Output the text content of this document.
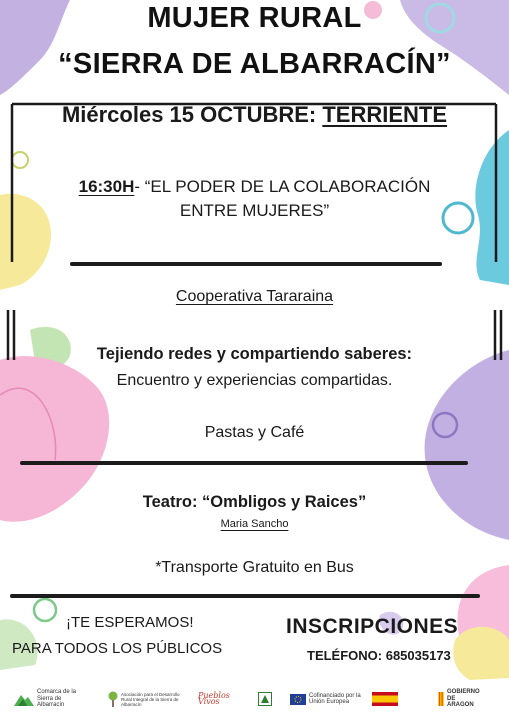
MUJER RURAL
“SIERRA DE ALBARRACÍN”
Miércoles 15 OCTUBRE: TERRIENTE
16:30H- “EL PODER DE LA COLABORACIÓN
ENTRE MUJERES”
Cooperativa Tararaina
Tejiendo redes y compartiendo saberes:
Encuentro y experiencias compartidas.
Pastas y Café
Teatro: “Ombligos y Raices”
Maria Sancho
*Transporte Gratuito en Bus
¡TE ESPERAMOS!
PARA TODOS LOS PÚBLICOS
INSCRIPCIONES
TELÉFONO: 685035173
Comarca de la Sierra de Albarracín
Asociación para el Desarrollo Rural Integral de la Sierra de Albarracín
Pueblos Vivos
Cofinanciado por la Unión Europea
GOBIERNO DE ARAGON
